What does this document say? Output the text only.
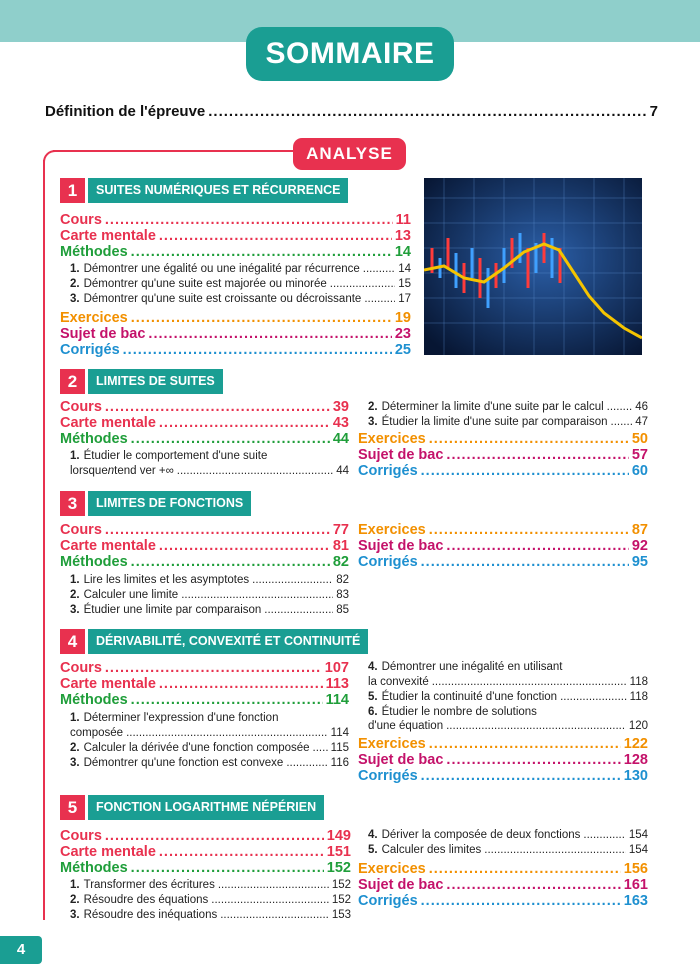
SOMMAIRE
Définition de l'épreuve .....	7
ANALYSE
1	SUITES NUMÉRIQUES ET RÉCURRENCE
Cours .....	11
Carte mentale .....	13
Méthodes .....	14
1. Démontrer une égalité ou une inégalité par récurrence .....	14
2. Démontrer qu'une suite est majorée ou minorée .....	15
3. Démontrer qu'une suite est croissante ou décroissante .....	17
Exercices .....	19
Sujet de bac .....	23
Corrigés .....	25
2	LIMITES DE SUITES
Cours .....	39
Carte mentale .....	43
Méthodes .....	44
1. Étudier le comportement d'une suite
lorsque n tend ver +∞ .....	44
2. Déterminer la limite d'une suite par le calcul .....	46
3. Étudier la limite d'une suite par comparaison ..... 47
Exercices .....	50
Sujet de bac .....	57
Corrigés .....	60
3	LIMITES DE FONCTIONS
Cours .....	77
Carte mentale .....	81
Méthodes .....	82
1. Lire les limites et les asymptotes .....	82
2. Calculer une limite .....	83
3. Étudier une limite par comparaison .....	85
Exercices .....	87
Sujet de bac .....	92
Corrigés .....	95
4	DÉRIVABILITÉ, CONVEXITÉ ET CONTINUITÉ
Cours .....	107
Carte mentale .....	113
Méthodes .....	114
1. Déterminer l'expression d'une fonction
composée .....	114
2. Calculer la dérivée d'une fonction composée ..... 115
3. Démontrer qu'une fonction est convexe .....	116
4. Démontrer une inégalité en utilisant
la convexité .....	118
5. Étudier la continuité d'une fonction .....	118
6. Étudier le nombre de solutions
d'une équation .....	120
Exercices .....	122
Sujet de bac .....	128
Corrigés .....	130
5	FONCTION LOGARITHME NÉPÉRIEN
Cours .....	149
Carte mentale .....	151
Méthodes .....	152
1. Transformer des écritures .....	152
2. Résoudre des équations .....	152
3. Résoudre des inéquations .....	153
4. Dériver la composée de deux fonctions .....	154
5. Calculer des limites .....	154
Exercices .....	156
Sujet de bac .....	161
Corrigés .....	163
4
